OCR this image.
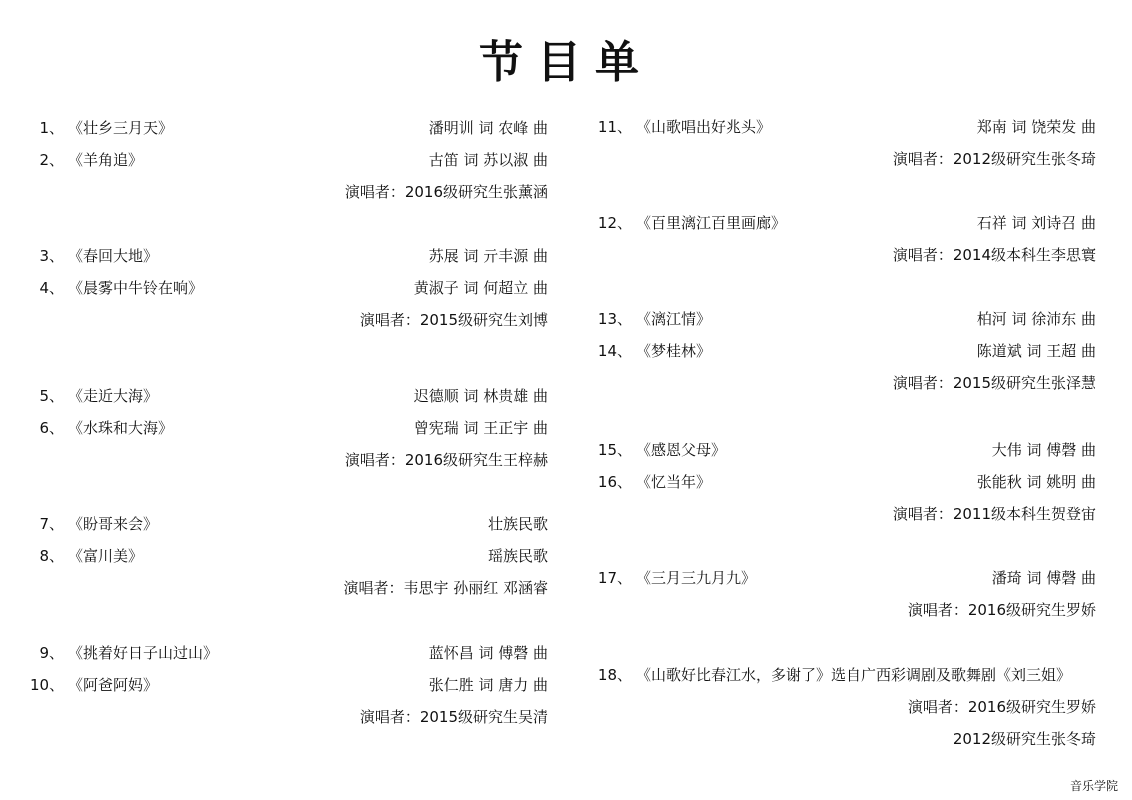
节目单
1、 《壮乡三月天》	潘明训 词 农峰 曲
2、 《羊角追》	古笛 词 苏以淑 曲
演唱者：2016级研究生张薰涵
3、 《春回大地》	苏展 词 亓丰源 曲
4、 《晨雾中牛铃在响》	黄淑子 词 何超立 曲
演唱者：2015级研究生刘博
5、 《走近大海》	迟德顺 词 林贵雄 曲
6、 《水珠和大海》	曾宪瑞 词 王正宇 曲
演唱者：2016级研究生王梓赫
7、 《盼哥来会》	壮族民歌
8、 《富川美》	瑶族民歌
演唱者：韦思宇 孙丽红 邓涵睿
9、 《挑着好日子山过山》	蓝怀昌 词 傅磬 曲
10、 《阿爸阿妈》	张仁胜 词 唐力 曲
演唱者：2015级研究生吴清
11、 《山歌唱出好兆头》	郑南 词 饶荣发 曲
演唱者：2012级研究生张冬琦
12、 《百里漓江百里画廊》	石祥 词 刘诗召 曲
演唱者：2014级本科生李思寰
13、 《漓江情》	柏河 词 徐沛东 曲
14、 《梦桂林》	陈道斌 词 王超 曲
演唱者：2015级研究生张泽慧
15、 《感恩父母》	大伟 词 傅磬 曲
16、 《忆当年》	张能秋 词 姚明 曲
演唱者：2011级本科生贺登宙
17、 《三月三九月九》	潘琦 词 傅磬 曲
演唱者：2016级研究生罗娇
18、 《山歌好比春江水，多谢了》选自广西彩调剧及歌舞剧《刘三姐》
演唱者：2016级研究生罗娇
2012级研究生张冬琦
音乐学院
